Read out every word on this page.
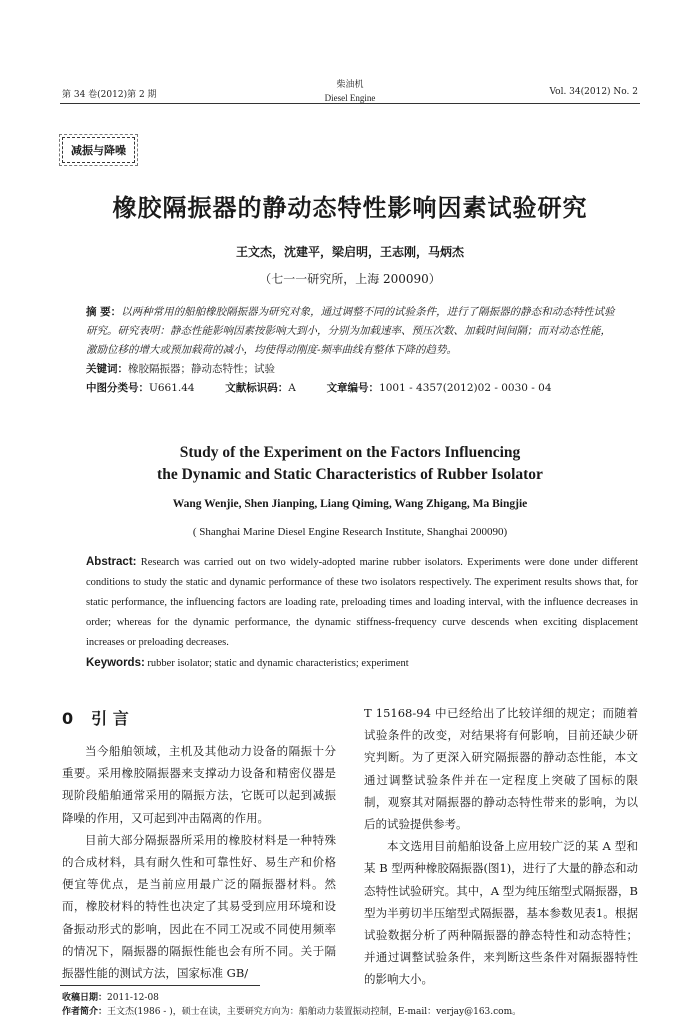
第 34 卷(2012)第 2 期
柴油机
Diesel Engine
Vol. 34(2012) No. 2
减振与降噪
橡胶隔振器的静动态特性影响因素试验研究
王文杰，沈建平，梁启明，王志刚，马炳杰
（七一一研究所，上海 200090）

摘 要：以两种常用的船舶橡胶隔振器为研究对象，通过调整不同的试验条件，进行了隔振器的静态和动态特性试验研究。研究表明：静态性能影响因素按影响大到小，分别为加载速率、预压次数、加载时间间隔；而对动态性能，激励位移的增大或预加载荷的减小，均使得动刚度-频率曲线有整体下降的趋势。

关键词：橡胶隔振器；静动态特性；试验

中图分类号：U661.44	文献标识码：A	文章编号：1001 - 4357(2012)02 - 0030 - 04

Study of the Experiment on the Factors Influencing
the Dynamic and Static Characteristics of Rubber Isolator
Wang Wenjie, Shen Jianping, Liang Qiming, Wang Zhigang, Ma Bingjie
( Shanghai Marine Diesel Engine Research Institute, Shanghai 200090)

Abstract: Research was carried out on two widely-adopted marine rubber isolators. Experiments were done under different conditions to study the static and dynamic performance of these two isolators respectively. The experiment results shows that, for static performance, the influencing factors are loading rate, preloading times and loading interval, with the influence decreases in order; whereas for the dynamic performance, the dynamic stiffness-frequency curve descends when exciting displacement increases or preloading decreases.

Keywords: rubber isolator; static and dynamic characteristics; experiment

0 引 言

当今船舶领域，主机及其他动力设备的隔振十分重要。采用橡胶隔振器来支撑动力设备和精密仪器是现阶段船舶通常采用的隔振方法，它既可以起到减振降噪的作用，又可起到冲击隔离的作用。

目前大部分隔振器所采用的橡胶材料是一种特殊的合成材料，具有耐久性和可靠性好、易生产和价格便宜等优点，是当前应用最广泛的隔振器材料。然而，橡胶材料的特性也决定了其易受到应用环境和设备振动形式的影响，因此在不同工况或不同使用频率的情况下，隔振器的隔振性能也会有所不同。关于隔振器性能的测试方法，国家标准 GB/

T 15168-94 中已经给出了比较详细的规定；而随着试验条件的改变，对结果将有何影响，目前还缺少研究判断。为了更深入研究隔振器的静动态性能，本文通过调整试验条件并在一定程度上突破了国标的限制，观察其对隔振器的静动态特性带来的影响，为以后的试验提供参考。

本文选用目前船舶设备上应用较广泛的某 A 型和某 B 型两种橡胶隔振器(图1)，进行了大量的静态和动态特性试验研究。其中，A 型为纯压缩型式隔振器，B 型为半剪切半压缩型式隔振器，基本参数见表1。根据试验数据分析了两种隔振器的静态特性和动态特性；并通过调整试验条件，来判断这些条件对隔振器特性的影响大小。

收稿日期：2011-12-08
作者简介：王文杰(1986 - )，硕士在读，主要研究方向为：船舶动力装置振动控制，E-mail：verjay@163.com。
